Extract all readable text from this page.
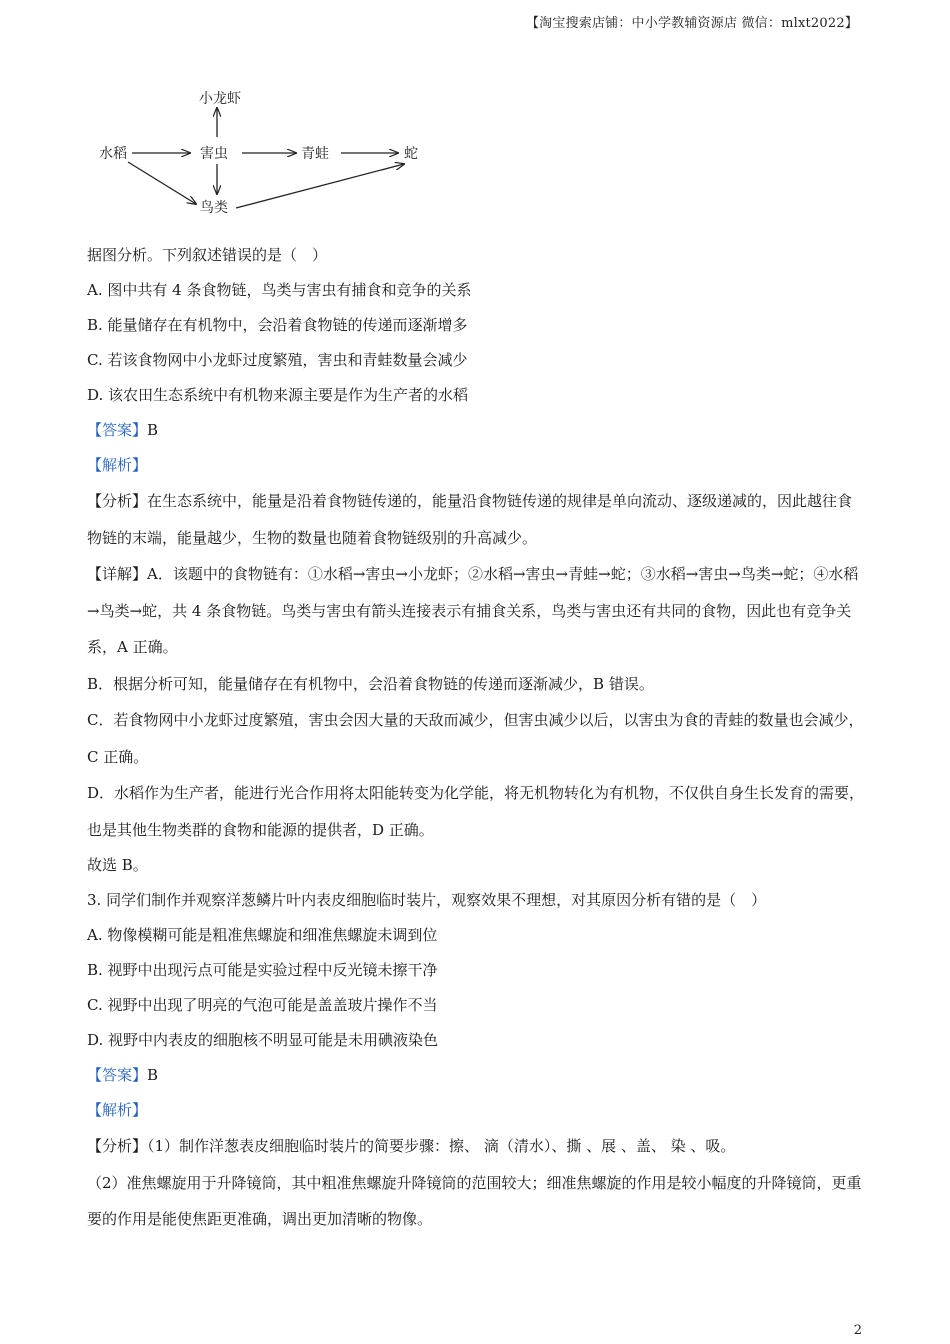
【淘宝搜索店铺：中小学教辅资源店 微信：mlxt2022】
水稻	害虫	青蛙	蛇
小龙虾
鸟类
据图分析。下列叙述错误的是（　）
A. 图中共有 4 条食物链，鸟类与害虫有捕食和竞争的关系
B. 能量储存在有机物中，会沿着食物链的传递而逐渐增多
C. 若该食物网中小龙虾过度繁殖，害虫和青蛙数量会减少
D. 该农田生态系统中有机物来源主要是作为生产者的水稻
【答案】B
【解析】
【分析】在生态系统中，能量是沿着食物链传递的，能量沿食物链传递的规律是单向流动、逐级递减的，因此越往食物链的末端，能量越少，生物的数量也随着食物链级别的升高减少。
【详解】A．该题中的食物链有：①水稻→害虫→小龙虾；②水稻→害虫→青蛙→蛇；③水稻→害虫→鸟类→蛇；④水稻→鸟类→蛇，共 4 条食物链。鸟类与害虫有箭头连接表示有捕食关系，鸟类与害虫还有共同的食物，因此也有竞争关系，A 正确。
B．根据分析可知，能量储存在有机物中，会沿着食物链的传递而逐渐减少，B 错误。
C．若食物网中小龙虾过度繁殖，害虫会因大量的天敌而减少，但害虫减少以后，以害虫为食的青蛙的数量也会减少，C 正确。
D．水稻作为生产者，能进行光合作用将太阳能转变为化学能，将无机物转化为有机物，不仅供自身生长发育的需要，也是其他生物类群的食物和能源的提供者，D 正确。
故选 B。
3. 同学们制作并观察洋葱鳞片叶内表皮细胞临时装片，观察效果不理想，对其原因分析有错的是（　）
A. 物像模糊可能是粗准焦螺旋和细准焦螺旋未调到位
B. 视野中出现污点可能是实验过程中反光镜未擦干净
C. 视野中出现了明亮的气泡可能是盖盖玻片操作不当
D. 视野中内表皮的细胞核不明显可能是未用碘液染色
【答案】B
【解析】
【分析】（1）制作洋葱表皮细胞临时装片的简要步骤：擦、 滴（清水）、撕 、展 、盖、 染 、吸。
（2）准焦螺旋用于升降镜筒，其中粗准焦螺旋升降镜筒的范围较大；细准焦螺旋的作用是较小幅度的升降镜筒，更重要的作用是能使焦距更准确，调出更加清晰的物像。
2
